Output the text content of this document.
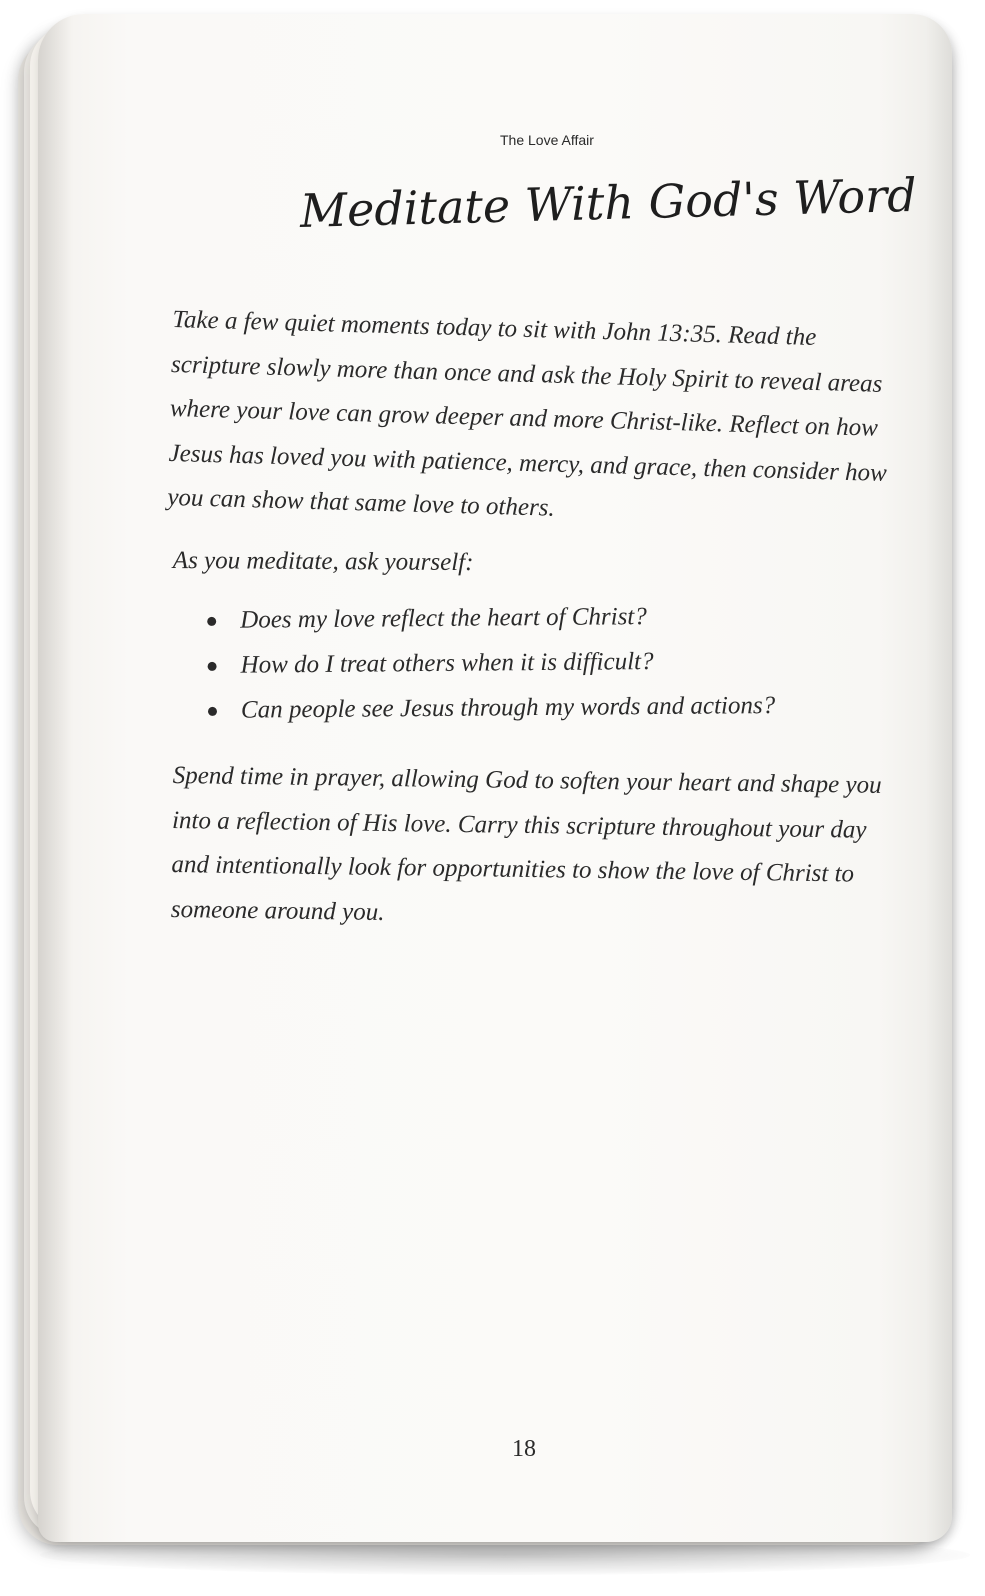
The Love Affair
Meditate With God's Word

Take a few quiet moments today to sit with John 13:35. Read the scripture slowly more than once and ask the Holy Spirit to reveal areas where your love can grow deeper and more Christ-like. Reflect on how Jesus has loved you with patience, mercy, and grace, then consider how you can show that same love to others.

As you meditate, ask yourself:

Does my love reflect the heart of Christ?
How do I treat others when it is difficult?
Can people see Jesus through my words and actions?

Spend time in prayer, allowing God to soften your heart and shape you into a reflection of His love. Carry this scripture throughout your day and intentionally look for opportunities to show the love of Christ to someone around you.

18
